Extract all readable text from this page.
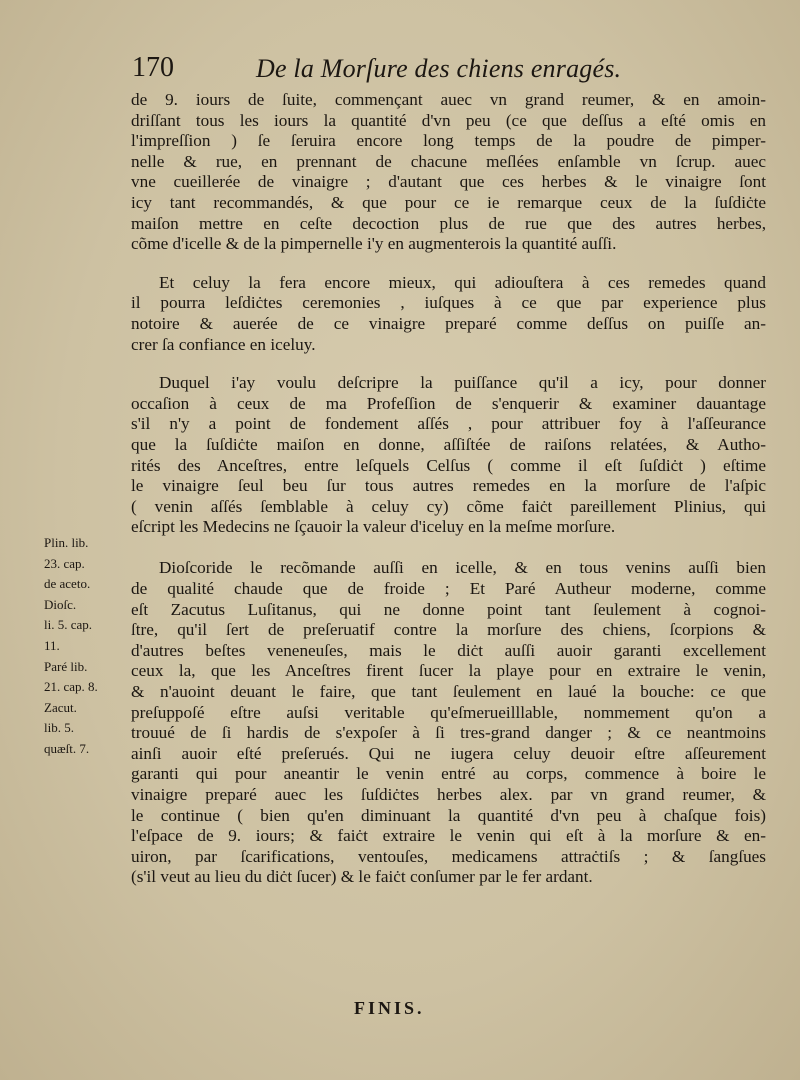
170	De la Morſure des chiens enragés.
de 9. iours de ſuite, commençant auec vn grand reumer, & en amoin-
driſſant tous les iours la quantité d'vn peu (ce que deſſus a eſté omis en
l'impreſſion ) ſe ſeruira encore long temps de la poudre de pimper-
nelle & rue, en prennant de chacune meſlées enſamble vn ſcrup. auec
vne cueillerée de vinaigre ; d'autant que ces herbes & le vinaigre ſont
icy tant recommandés, & que pour ce ie remarque ceux de la ſuſdiċte
maiſon mettre en ceſte decoction plus de rue que des autres herbes,
cõme d'icelle & de la pimpernelle i'y en augmenterois la quantité auſſi.
Et celuy la fera encore mieux, qui adiouſtera à ces remedes quand
il pourra leſdiċtes ceremonies , iuſques à ce que par experience plus
notoire & auerée de ce vinaigre preparé comme deſſus on puiſſe an-
crer ſa confiance en iceluy.
Duquel i'ay voulu deſcripre la puiſſance qu'il a icy, pour donner
occaſion à ceux de ma Profeſſion de s'enquerir & examiner dauantage
s'il n'y a point de fondement aſſés , pour attribuer foy à l'aſſeurance
que la ſuſdiċte maiſon en donne, aſſiſtée de raiſons relatées, & Autho-
rités des Anceſtres, entre leſquels Celſus ( comme il eſt ſuſdiċt ) eſtime
le vinaigre ſeul beu ſur tous autres remedes en la morſure de l'aſpic
( venin aſſés ſemblable à celuy cy) cõme faiċt pareillement Plinius, qui
eſcript les Medecins ne ſçauoir la valeur d'iceluy en la meſme morſure.
Dioſcoride le recõmande auſſi en icelle, & en tous venins auſſi bien
de qualité chaude que de froide ; Et Paré Autheur moderne, comme
eſt Zacutus Luſitanus, qui ne donne point tant ſeulement à cognoi-
ſtre, qu'il ſert de preſeruatif contre la morſure des chiens, ſcorpions &
d'autres beſtes veneneuſes, mais le diċt auſſi auoir garanti excellement
ceux la, que les Anceſtres firent ſucer la playe pour en extraire le venin,
& n'auoint deuant le faire, que tant ſeulement en laué la bouche: ce que
preſuppoſé eſtre auſsi veritable qu'eſmerueilllable, nommement qu'on a
trouué de ſi hardis de s'expoſer à ſi tres-grand danger ; & ce neantmoins
ainſi auoir eſté preſerués. Qui ne iugera celuy deuoir eſtre aſſeurement
garanti qui pour aneantir le venin entré au corps, commence à boire le
vinaigre preparé auec les ſuſdiċtes herbes alex. par vn grand reumer, &
le continue ( bien qu'en diminuant la quantité d'vn peu à chaſque fois)
l'eſpace de 9. iours; & faiċt extraire le venin qui eſt à la morſure & en-
uiron, par ſcarifications, ventouſes, medicamens attraċtiſs ; & ſangſues
(s'il veut au lieu du diċt ſucer) & le faiċt conſumer par le fer ardant.
Plin. lib.
23. cap.
de aceto.
Dioſc.
li. 5. cap.
11.
Paré lib.
21. cap. 8.
Zacut.
lib. 5.
quæſt. 7.
FINIS.
